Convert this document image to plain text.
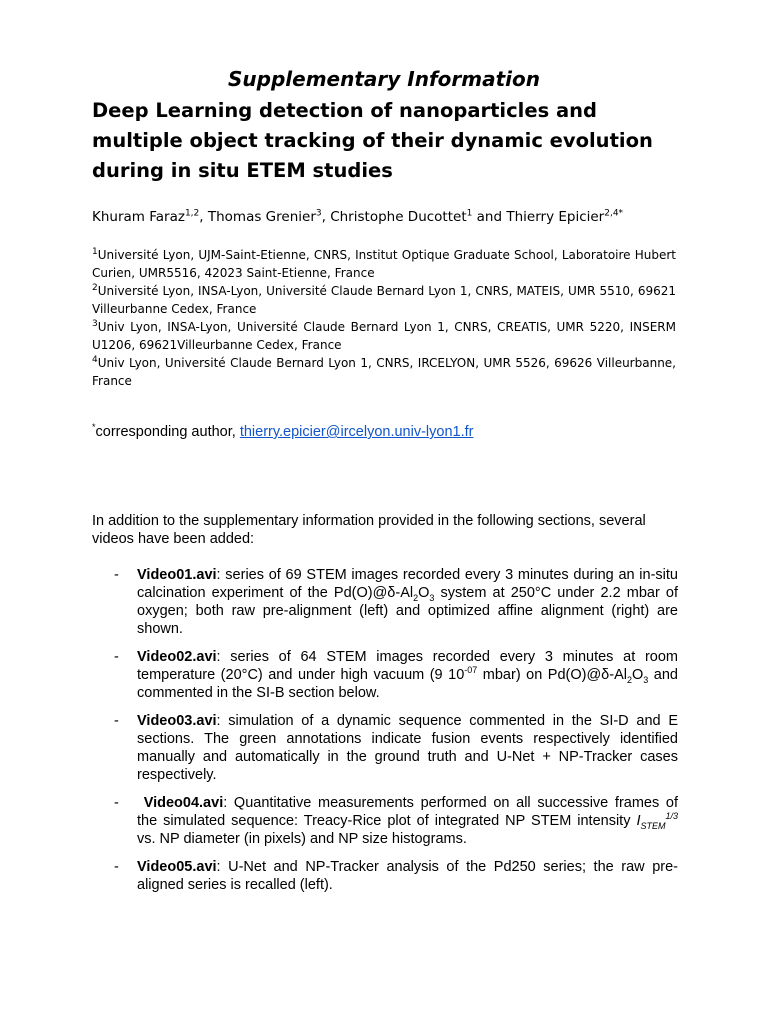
Supplementary Information
Deep Learning detection of nanoparticles and multiple object tracking of their dynamic evolution during in situ ETEM studies
Khuram Faraz$^{1,2}$, Thomas Grenier$^3$, Christophe Ducottet$^1$ and Thierry Epicier$^{2,4*}$
$^1$Université Lyon, UJM-Saint-Etienne, CNRS, Institut Optique Graduate School, Laboratoire Hubert Curien, UMR5516, 42023 Saint-Etienne, France
$^2$Université Lyon, INSA-Lyon, Université Claude Bernard Lyon 1, CNRS, MATEIS, UMR 5510, 69621 Villeurbanne Cedex, France
$^3$Univ Lyon, INSA-Lyon, Université Claude Bernard Lyon 1, CNRS, CREATIS, UMR 5220, INSERM U1206, 69621Villeurbanne Cedex, France
$^4$Univ Lyon, Université Claude Bernard Lyon 1, CNRS, IRCELYON, UMR 5526, 69626 Villeurbanne, France
*corresponding author, thierry.epicier@ircelyon.univ-lyon1.fr
In addition to the supplementary information provided in the following sections, several videos have been added:
- Video01.avi: series of 69 STEM images recorded every 3 minutes during an in-situ calcination experiment of the $Pd(O)@\delta-Al_2O_3$ system at 250°C under 2.2 mbar of oxygen; both raw pre-alignment (left) and optimized affine alignment (right) are shown.
- Video02.avi: series of 64 STEM images recorded every 3 minutes at room temperature (20°C) and under high vacuum (9 $10^{-07}$ mbar) on $Pd(O)@\delta-Al_2O_3$ and commented in the SI-B section below.
- Video03.avi: simulation of a dynamic sequence commented in the SI-D and E sections. The green annotations indicate fusion events respectively identified manually and automatically in the ground truth and U-Net + NP-Tracker cases respectively.
-	Video04.avi: Quantitative measurements performed on all successive frames of the simulated sequence: Treacy-Rice plot of integrated NP STEM intensity $I_{STEM}^{1/3}$ vs. NP diameter (in pixels) and NP size histograms.
- Video05.avi: U-Net and NP-Tracker analysis of the Pd250 series; the raw pre-aligned series is recalled (left).
